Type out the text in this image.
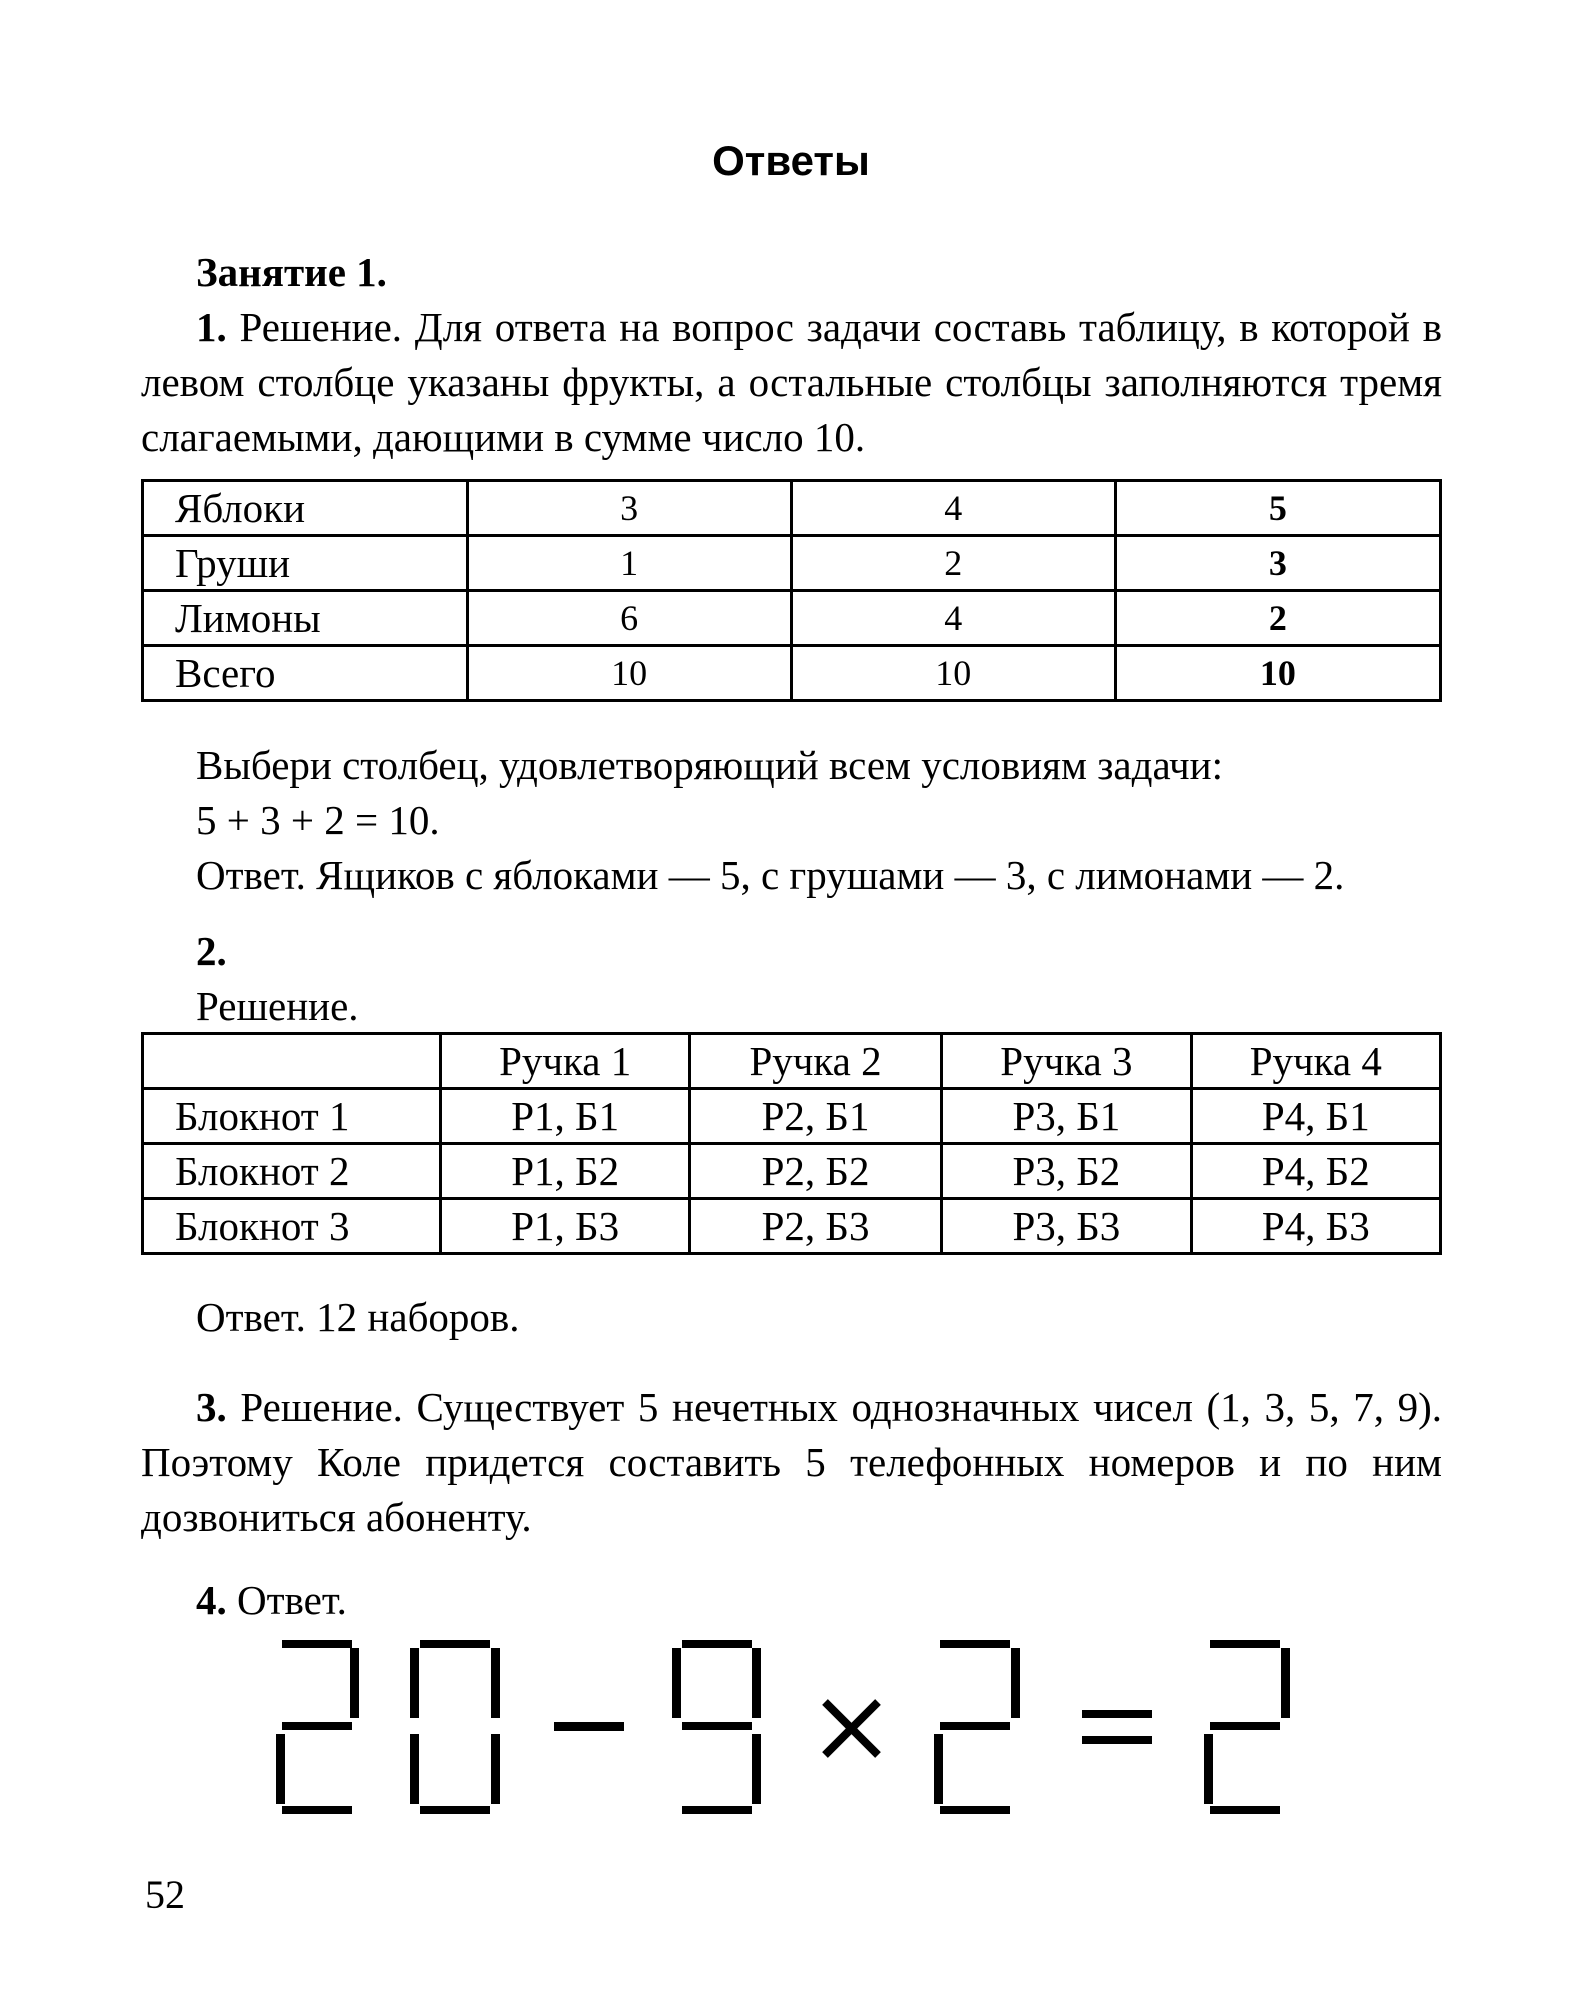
Ответы
Занятие 1.

1. Решение. Для ответа на вопрос задачи составь таблицу, в которой в левом столбце указаны фрукты, а остальные столбцы заполняются тремя слагаемыми, дающими в сумме число 10.

Яблоки	3	4	5
Груши	1	2	3
Лимоны	6	4	2
Всего	10	10	10
Выбери столбец, удовлетворяющий всем условиям задачи:
5 + 3 + 2 = 10.
Ответ. Ящиков с яблоками — 5, с грушами — 3, с лимонами — 2.
2.
Решение.
	Ручка 1	Ручка 2	Ручка 3	Ручка 4
Блокнот 1	Р1, Б1	Р2, Б1	Р3, Б1	Р4, Б1
Блокнот 2	Р1, Б2	Р2, Б2	Р3, Б2	Р4, Б2
Блокнот 3	Р1, Б3	Р2, Б3	Р3, Б3	Р4, Б3
Ответ. 12 наборов.

3. Решение. Существует 5 нечетных однозначных чисел (1, 3, 5, 7, 9). Поэтому Коле придется составить 5 телефонных номеров и по ним дозвониться абоненту.

4. Ответ.
52
